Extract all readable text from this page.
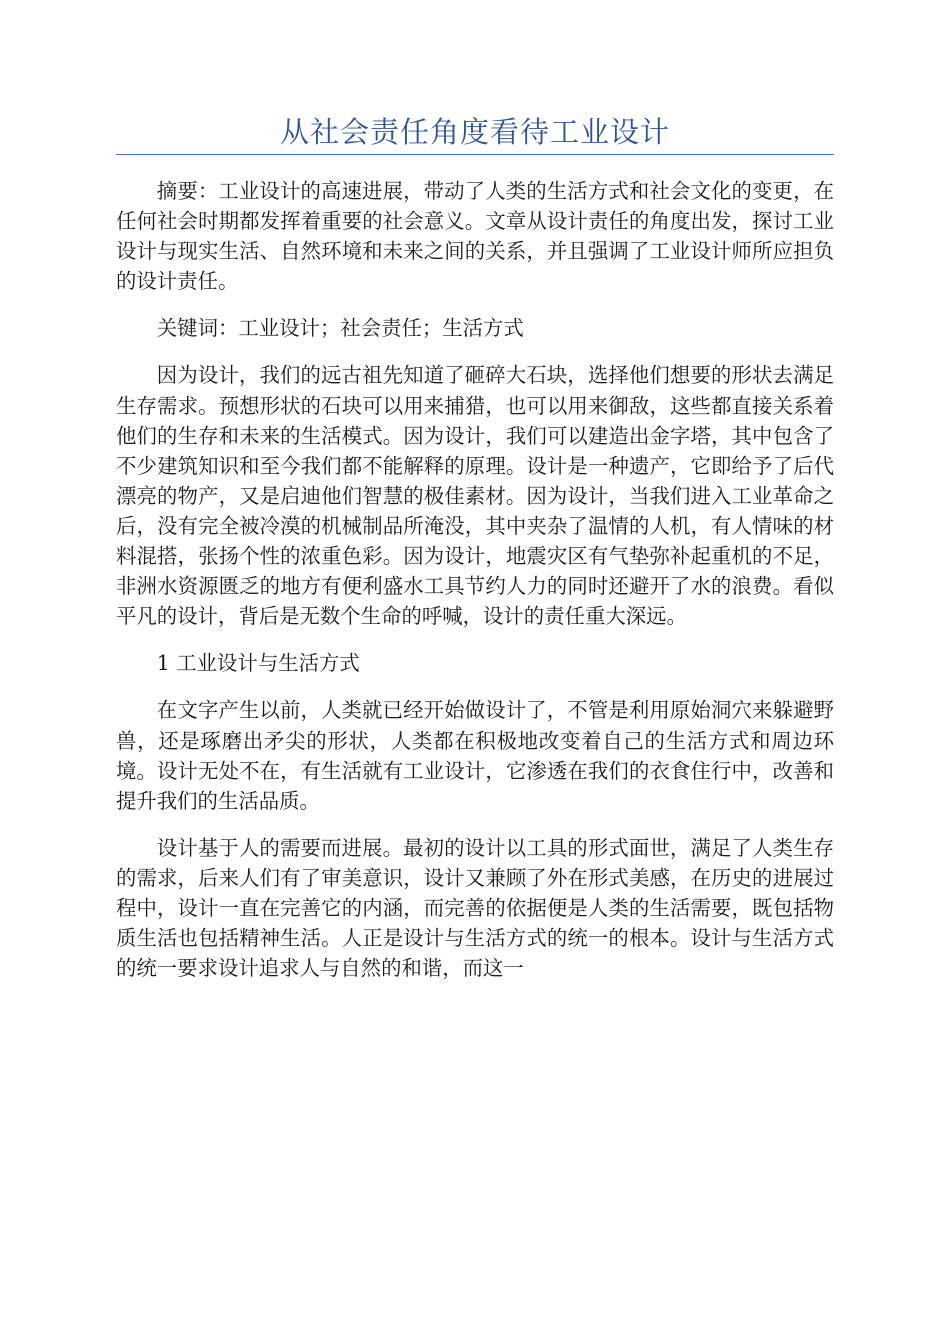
从社会责任角度看待工业设计

摘要：工业设计的高速进展，带动了人类的生活方式和社会文化的变更，在任何社会时期都发挥着重要的社会意义。文章从设计责任的角度出发，探讨工业设计与现实生活、自然环境和未来之间的关系，并且强调了工业设计师所应担负的设计责任。

关键词：工业设计；社会责任；生活方式

因为设计，我们的远古祖先知道了砸碎大石块，选择他们想要的形状去满足生存需求。预想形状的石块可以用来捕猎，也可以用来御敌，这些都直接关系着他们的生存和未来的生活模式。因为设计，我们可以建造出金字塔，其中包含了不少建筑知识和至今我们都不能解释的原理。设计是一种遗产，它即给予了后代漂亮的物产，又是启迪他们智慧的极佳素材。因为设计，当我们进入工业革命之后，没有完全被冷漠的机械制品所淹没，其中夹杂了温情的人机，有人情味的材料混搭，张扬个性的浓重色彩。因为设计，地震灾区有气垫弥补起重机的不足，非洲水资源匮乏的地方有便利盛水工具节约人力的同时还避开了水的浪费。看似平凡的设计，背后是无数个生命的呼喊，设计的责任重大深远。

1 工业设计与生活方式

在文字产生以前，人类就已经开始做设计了，不管是利用原始洞穴来躲避野兽，还是琢磨出矛尖的形状，人类都在积极地改变着自己的生活方式和周边环境。设计无处不在，有生活就有工业设计，它渗透在我们的衣食住行中，改善和提升我们的生活品质。

设计基于人的需要而进展。最初的设计以工具的形式面世，满足了人类生存的需求，后来人们有了审美意识，设计又兼顾了外在形式美感，在历史的进展过程中，设计一直在完善它的内涵，而完善的依据便是人类的生活需要，既包括物质生活也包括精神生活。人正是设计与生活方式的统一的根本。设计与生活方式的统一要求设计追求人与自然的和谐，而这一
